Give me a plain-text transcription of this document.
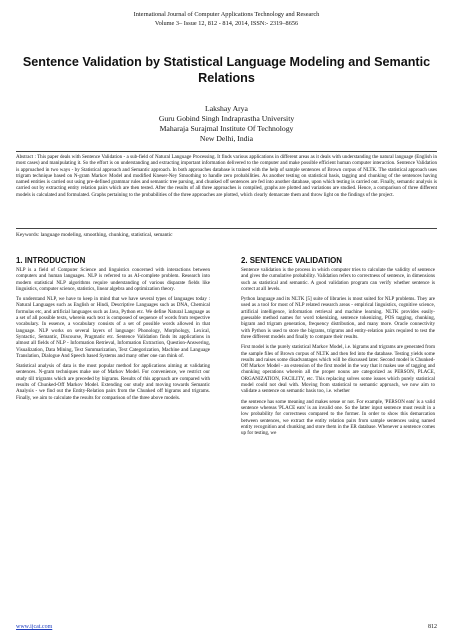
International Journal of Computer Applications Technology and Research
Volume 3– Issue 12, 812 - 814, 2014, ISSN:- 2319–8656
Sentence Validation by Statistical Language Modeling and Semantic Relations
Lakshay Arya
Guru Gobind Singh Indraprastha University
Maharaja Surajmal Institute Of Technology
New Delhi, India

Abstract : This paper deals with Sentence Validation - a sub-field of Natural Language Processing. It finds various applications in different areas as it deals with understanding the natural language (English in most cases) and manipulating it. So the effort is on understanding and extracting important information delivered to the computer and make possible efficient human computer interaction. Sentence Validation is approached in two ways - by Statistical approach and Semantic approach. In both approaches database is trained with the help of sample sentences of Brown corpus of NLTK. The statistical approach uses trigram technique based on N-gram Markov Model and modified Kneser-Ney Smoothing to handle zero probabilities. As another testing on statistical basis, tagging and chunking of the sentences having named entities is carried out using pre-defined grammar rules and semantic tree parsing, and chunked off sentences are fed into another database, upon which testing is carried out. Finally, semantic analysis is carried out by extracting entity relation pairs which are then tested. After the results of all three approaches is compiled, graphs are plotted and variations are studied. Hence, a comparison of three different models is calculated and formulated. Graphs pertaining to the probabilities of the three approaches are plotted, which clearly demarcate them and throw light on the findings of the project.

Keywords: language modeling, smoothing, chunking, statistical, semantic

1. INTRODUCTION

NLP is a field of Computer Science and linguistics concerned with interactions between computers and human languages. NLP is referred to as AI-complete problem. Research into modern statistical NLP algorithms require understanding of various disparate fields like linguistics, computer science, statistics, linear algebra and optimization theory.

To understand NLP, we have to keep in mind that we have several types of languages today : Natural Languages such as English or Hindi, Descriptive Languages such as DNA, Chemical formulas etc, and artificial languages such as Java, Python etc. We define Natural Language as a set of all possible texts, wherein each text is composed of sequence of words from respective vocabulary. In essence, a vocabulary consists of a set of possible words allowed in that language. NLP works on several layers of language: Phonology, Morphology, Lexical, Syntactic, Semantic, Discourse, Pragmatic etc. Sentence Validation finds its applications in almost all fields of NLP - Information Retrieval, Information Extraction, Question-Answering, Visualization, Data Mining, Text Summarization, Text Categorization, Machine and Language Translation, Dialogue And Speech based Systems and many other one can think of.

Statistical analysis of data is the most popular method for applications aiming at validating sentences. N-gram techniques make use of Markov Model. For convenience, we restrict our study till trigrams which are preceded by bigrams. Results of this approach are compared with results of Chunked-Off Markov Model. Extending our study and moving towards Semantic Analysis - we find out the Entity-Relation pairs from the Chunked off bigrams and trigrams. Finally, we aim to calculate the results for comparison of the three above models.

2. SENTENCE VALIDATION

Sentence validation is the process in which computer tries to calculate the validity of sentence and gives the cumulative probability. Validation refers to correctness of sentence, in dimensions such as statistical and semantic. A good validation program can verify whether sentence is correct at all levels.

Python language and its NLTK [5] suite of libraries is most suited for NLP problems. They are used as a tool for most of NLP related research areas - empirical linguistics, cognitive science, artificial intelligence, information retrieval and machine learning. NLTK provides easily-guessable method names for word tokenizing, sentence tokenizing, POS tagging, chunking, bigram and trigram generation, frequency distribution, and many more. Oracle connectivity with Python is used to store the bigrams, trigrams and entity-relation pairs required to test the three different models and finally to compare their results.

First model is the purely statistical Markov Model, i.e. bigrams and trigrams are generated from the sample files of Brown corpus of NLTK and then fed into the database. Testing yields some results and raises some disadvantages which will be discussed later. Second model is Chunked-Off Markov Model - an extension of the first model in the way that it makes use of tagging and chunking operations wherein all the proper nouns are categorized as PERSON, PLACE, ORGANIZATION, FACILITY, etc. This replacing solves some issues which purely statistical model could not deal with. Moving from statistical to semantic approach, we now aim to validate a sentence on semantic basis too, i.e. whether

the sentence has some meaning and makes sense or not. For example, 'PERSON eats' is a valid sentence whereas 'PLACE eats' is an invalid one. So the latter input sentence must result in a low probability for correctness compared to the former. In order to show this demarcation between sentences, we extract the entity relation pairs from sample sentences using named entity recognition and chunking and store them in the ER database. Whenever a sentence comes up for testing, we

www.ijcat.com	812
